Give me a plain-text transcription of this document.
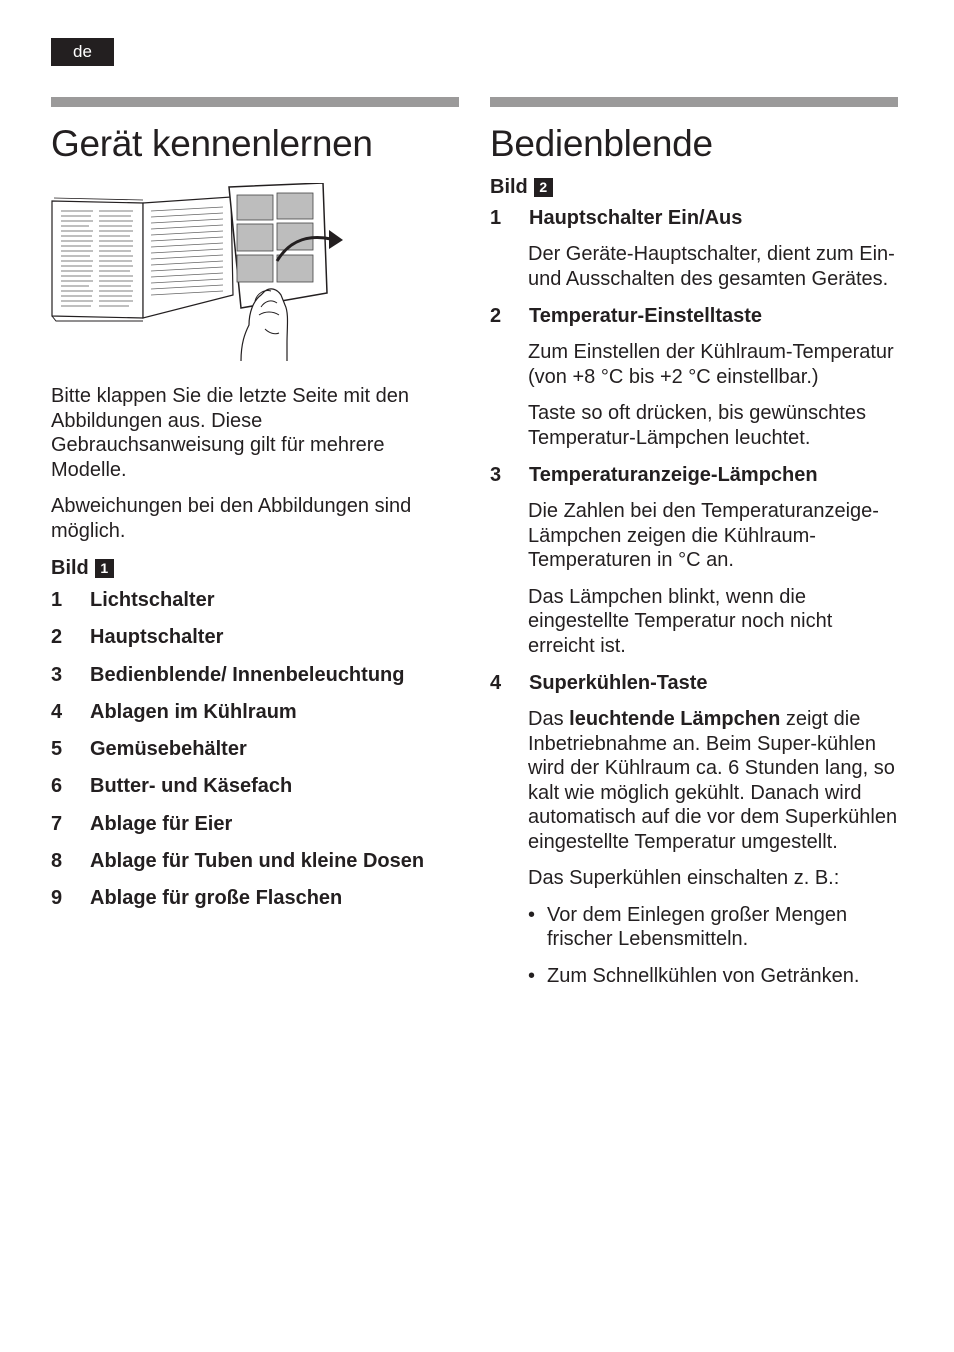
de
Gerät kennenlernen

Bitte klappen Sie die letzte Seite mit den Abbildungen aus. Diese Gebrauchsanweisung gilt für mehrere Modelle.

Abweichungen bei den Abbildungen sind möglich.

Bild 1

1	Lichtschalter
2	Hauptschalter
3	Bedienblende/ Innenbeleuchtung
4	Ablagen im Kühlraum
5	Gemüsebehälter
6	Butter- und Käsefach
7	Ablage für Eier
8	Ablage für Tuben und kleine Dosen
9	Ablage für große Flaschen
Bedienblende

Bild 2

1	Hauptschalter Ein/Aus

Der Geräte-Hauptschalter, dient zum Ein- und Ausschalten des gesamten Gerätes.

2	Temperatur-Einstelltaste

Zum Einstellen der Kühlraum-Temperatur (von +8 °C bis +2 °C einstellbar.)

Taste so oft drücken, bis gewünschtes Temperatur-Lämpchen leuchtet.

3	Temperaturanzeige-Lämpchen

Die Zahlen bei den Temperaturanzeige-Lämpchen zeigen die Kühlraum-Temperaturen in °C an.

Das Lämpchen blinkt, wenn die eingestellte Temperatur noch nicht erreicht ist.

4	Superkühlen-Taste

Das leuchtende Lämpchen zeigt die Inbetriebnahme an. Beim Super-kühlen wird der Kühlraum ca. 6 Stunden lang, so kalt wie möglich gekühlt. Danach wird automatisch auf die vor dem Superkühlen eingestellte Temperatur umgestellt.

Das Superkühlen einschalten z. B.:

• Vor dem Einlegen großer Mengen frischer Lebensmitteln.
• Zum Schnellkühlen von Getränken.
